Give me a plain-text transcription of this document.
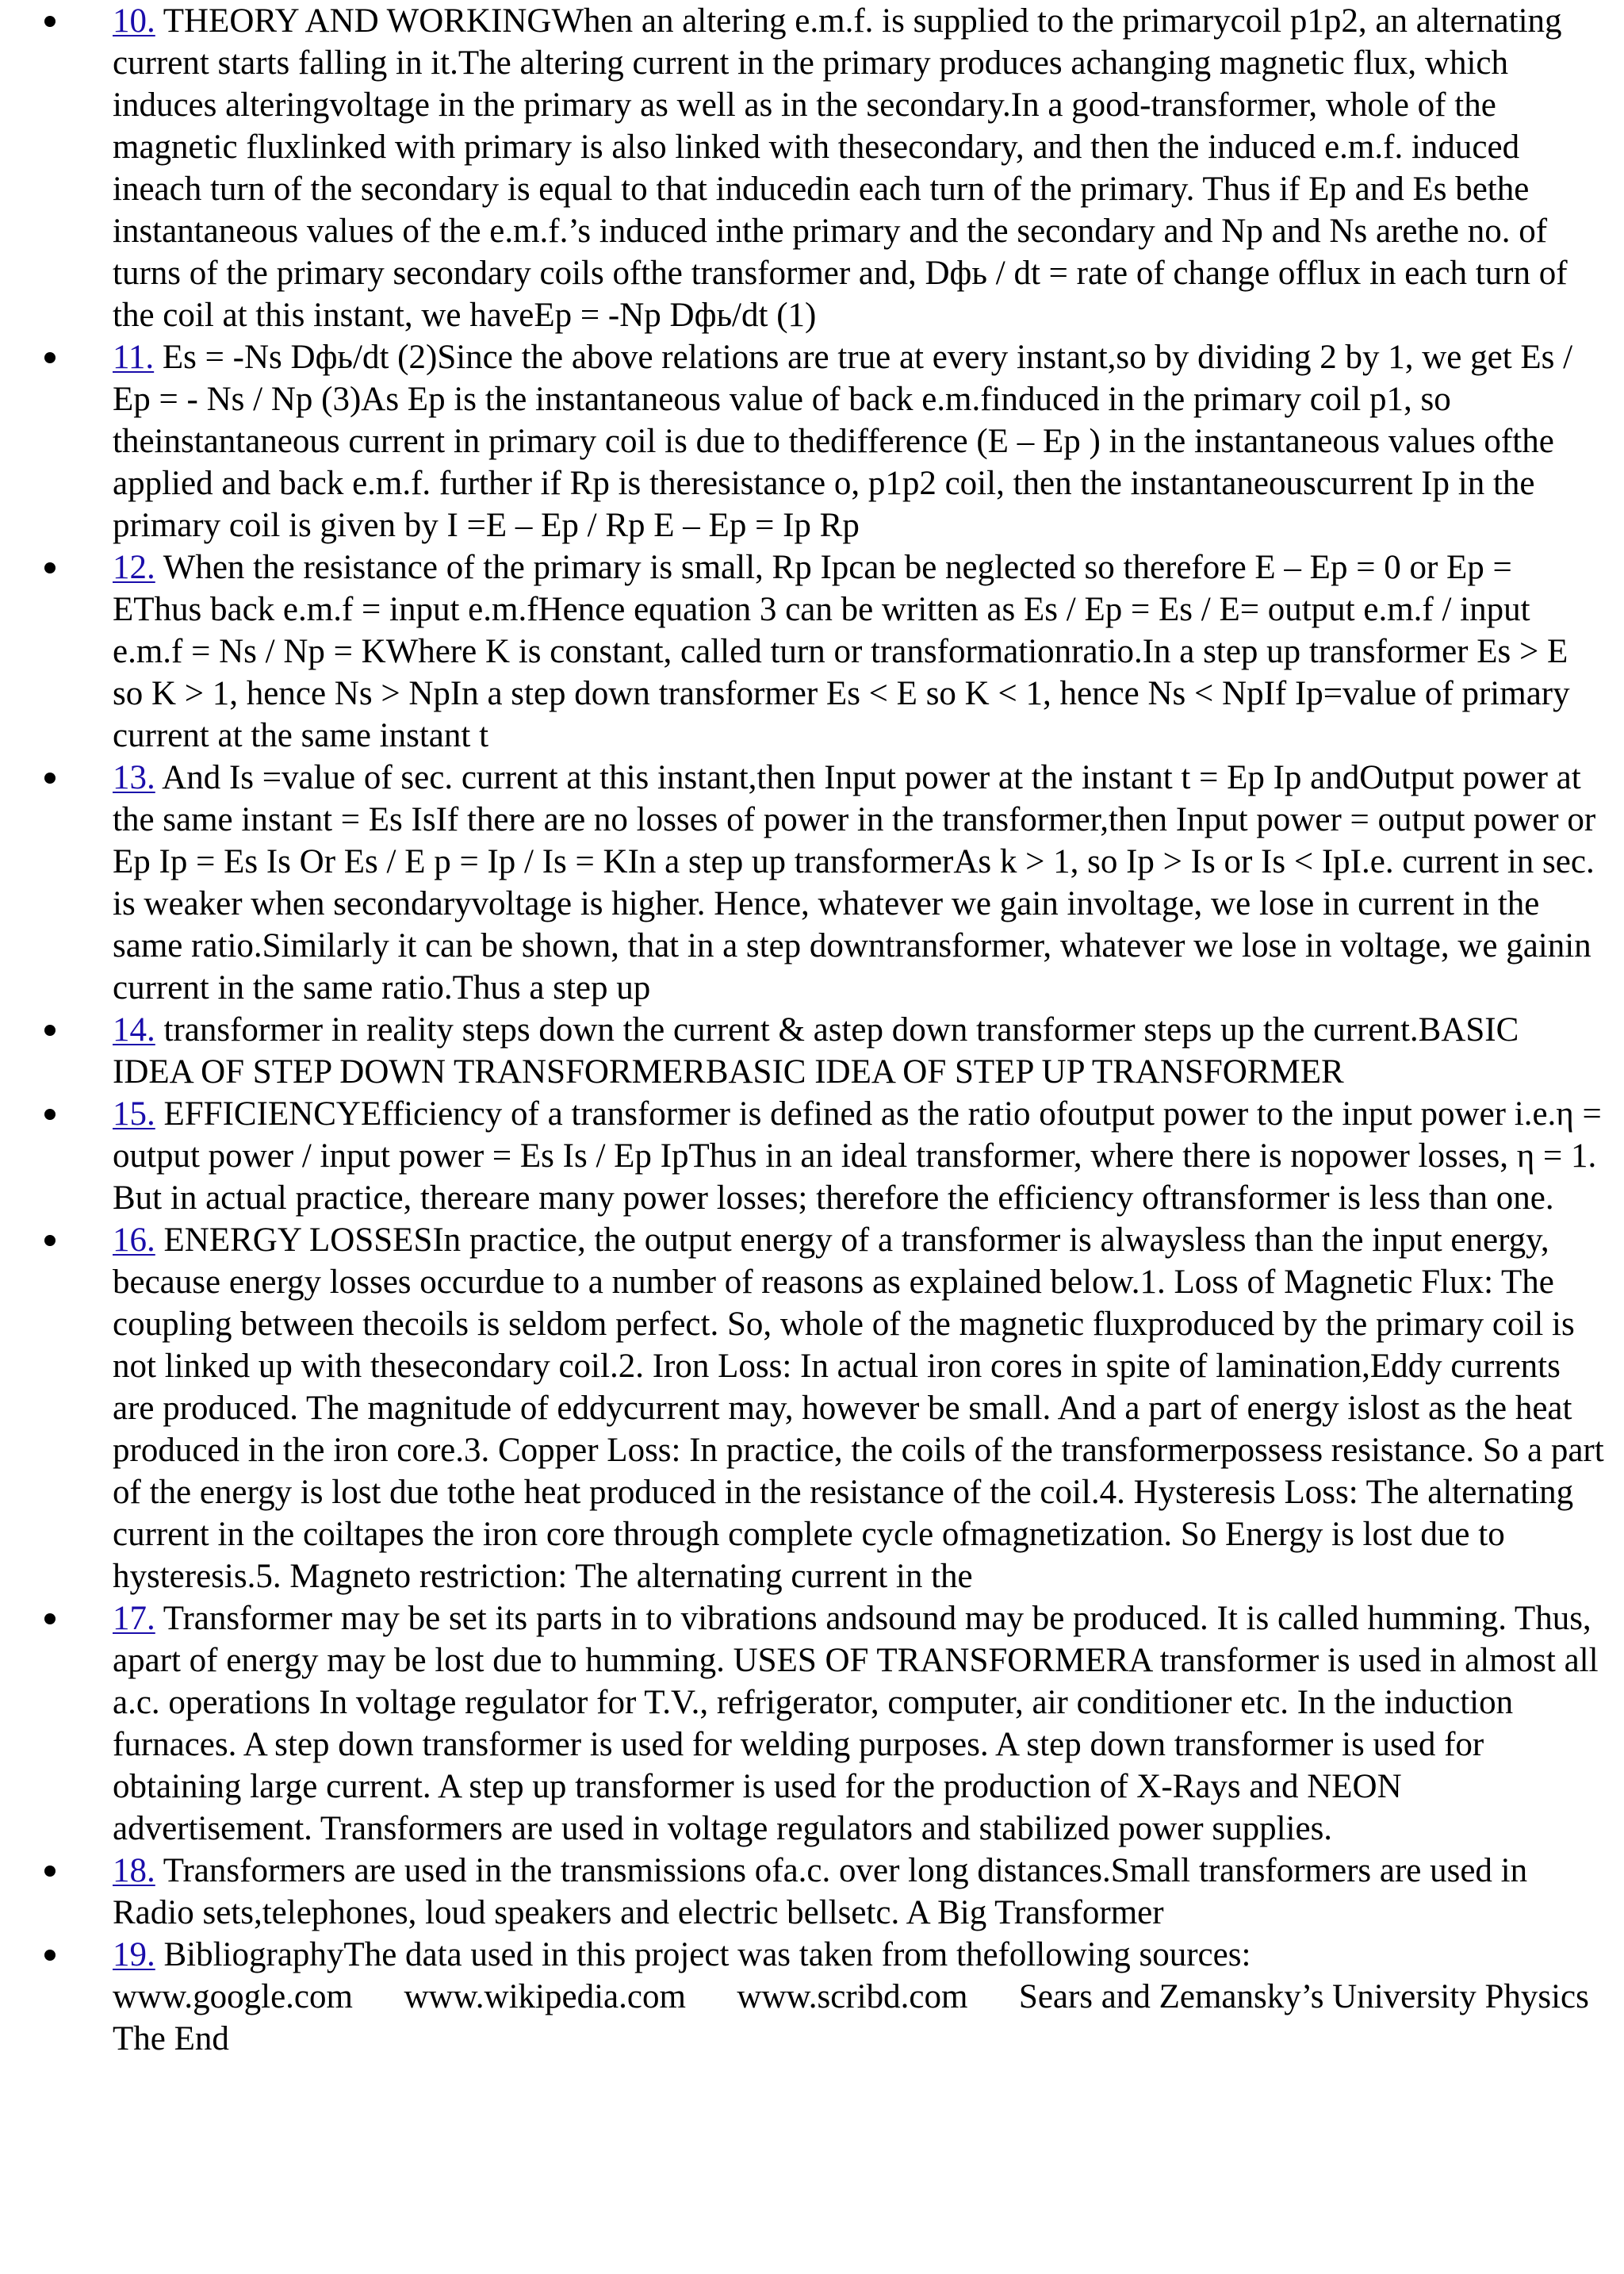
10. THEORY AND WORKINGWhen an altering e.m.f. is supplied to the primarycoil p1p2, an alternating current starts falling in it.The altering current in the primary produces achanging magnetic flux, which induces alteringvoltage in the primary as well as in the secondary.In a good-transformer, whole of the magnetic fluxlinked with primary is also linked with thesecondary, and then the induced e.m.f. induced ineach turn of the secondary is equal to that inducedin each turn of the primary. Thus if Ep and Es bethe instantaneous values of the e.m.f.’s induced inthe primary and the secondary and Np and Ns arethe no. of turns of the primary secondary coils ofthe transformer and, Dфь / dt = rate of change offlux in each turn of the coil at this instant, we haveEp = -Np Dфь/dt (1)
11. Es = -Ns Dфь/dt (2)Since the above relations are true at every instant,so by dividing 2 by 1, we get Es / Ep = - Ns / Np (3)As Ep is the instantaneous value of back e.m.finduced in the primary coil p1, so theinstantaneous current in primary coil is due to thedifference (E – Ep ) in the instantaneous values ofthe applied and back e.m.f. further if Rp is theresistance o, p1p2 coil, then the instantaneouscurrent Ip in the primary coil is given by I =E – Ep / Rp E – Ep = Ip Rp
12. When the resistance of the primary is small, Rp Ipcan be neglected so therefore E – Ep = 0 or Ep = EThus back e.m.f = input e.m.fHence equation 3 can be written as Es / Ep = Es / E= output e.m.f / input e.m.f = Ns / Np = KWhere K is constant, called turn or transformationratio.In a step up transformer Es > E so K > 1, hence Ns > NpIn a step down transformer Es < E so K < 1, hence Ns < NpIf Ip=value of primary current at the same instant t
13. And Is =value of sec. current at this instant,then Input power at the instant t = Ep Ip andOutput power at the same instant = Es IsIf there are no losses of power in the transformer,then Input power = output power or Ep Ip = Es Is Or Es / E p = Ip / Is = KIn a step up transformerAs k > 1, so Ip > Is or Is < IpI.e. current in sec. is weaker when secondaryvoltage is higher. Hence, whatever we gain involtage, we lose in current in the same ratio.Similarly it can be shown, that in a step downtransformer, whatever we lose in voltage, we gainin current in the same ratio.Thus a step up
14. transformer in reality steps down the current & astep down transformer steps up the current.BASIC IDEA OF STEP DOWN TRANSFORMERBASIC IDEA OF STEP UP TRANSFORMER
15. EFFICIENCYEfficiency of a transformer is defined as the ratio ofoutput power to the input power i.e.η = output power / input power = Es Is / Ep IpThus in an ideal transformer, where there is nopower losses, η = 1. But in actual practice, thereare many power losses; therefore the efficiency oftransformer is less than one.
16. ENERGY LOSSESIn practice, the output energy of a transformer is alwaysless than the input energy, because energy losses occurdue to a number of reasons as explained below.1. Loss of Magnetic Flux: The coupling between thecoils is seldom perfect. So, whole of the magnetic fluxproduced by the primary coil is not linked up with thesecondary coil.2. Iron Loss: In actual iron cores in spite of lamination,Eddy currents are produced. The magnitude of eddycurrent may, however be small. And a part of energy islost as the heat produced in the iron core.3. Copper Loss: In practice, the coils of the transformerpossess resistance. So a part of the energy is lost due tothe heat produced in the resistance of the coil.4. Hysteresis Loss: The alternating current in the coiltapes the iron core through complete cycle ofmagnetization. So Energy is lost due to hysteresis.5. Magneto restriction: The alternating current in the
17. Transformer may be set its parts in to vibrations andsound may be produced. It is called humming. Thus, apart of energy may be lost due to humming. USES OF TRANSFORMERA transformer is used in almost all a.c. operations In voltage regulator for T.V., refrigerator, computer, air conditioner etc. In the induction furnaces. A step down transformer is used for welding purposes. A step down transformer is used for obtaining large current. A step up transformer is used for the production of X-Rays and NEON advertisement. Transformers are used in voltage regulators and stabilized power supplies.
18. Transformers are used in the transmissions ofa.c. over long distances.Small transformers are used in Radio sets,telephones, loud speakers and electric bellsetc. A Big Transformer
19. BibliographyThe data used in this project was taken from thefollowing sources:
www.google.com www.wikipedia.com www.scribd.com Sears and Zemansky’s University Physics The End
